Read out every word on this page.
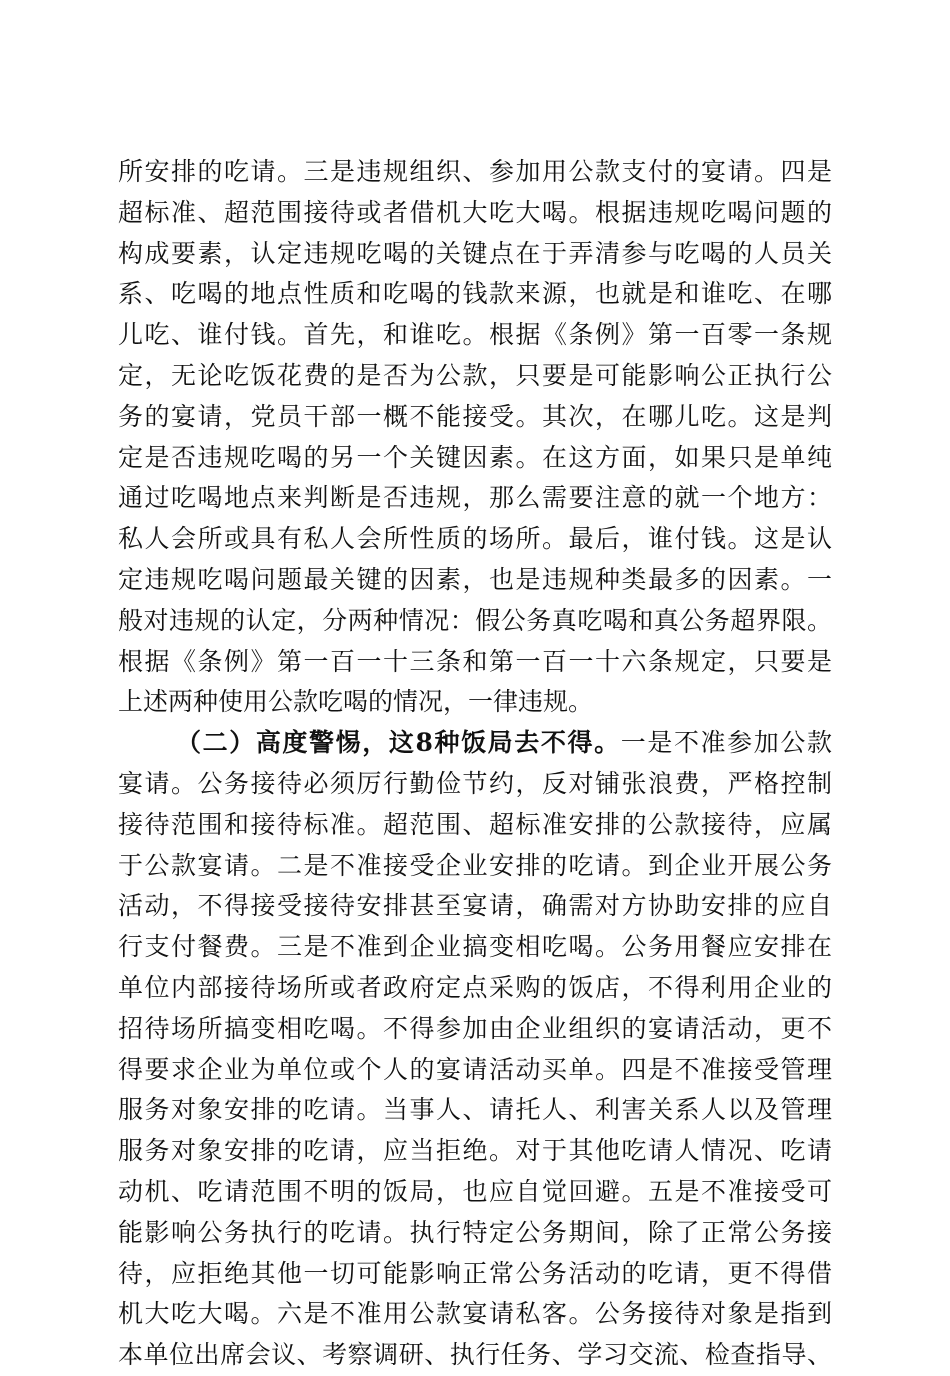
所安排的吃请。三是违规组织、参加用公款支付的宴请。四是
超标准、超范围接待或者借机大吃大喝。根据违规吃喝问题的
构成要素，认定违规吃喝的关键点在于弄清参与吃喝的人员关
系、吃喝的地点性质和吃喝的钱款来源，也就是和谁吃、在哪
儿吃、谁付钱。首先，和谁吃。根据《条例》第一百零一条规
定，无论吃饭花费的是否为公款，只要是可能影响公正执行公
务的宴请，党员干部一概不能接受。其次，在哪儿吃。这是判
定是否违规吃喝的另一个关键因素。在这方面，如果只是单纯
通过吃喝地点来判断是否违规，那么需要注意的就一个地方：
私人会所或具有私人会所性质的场所。最后，谁付钱。这是认
定违规吃喝问题最关键的因素，也是违规种类最多的因素。一
般对违规的认定，分两种情况：假公务真吃喝和真公务超界限。
根据《条例》第一百一十三条和第一百一十六条规定，只要是
上述两种使用公款吃喝的情况，一律违规。
（二）高度警惕，这8种饭局去不得。一是不准参加公款
宴请。公务接待必须厉行勤俭节约，反对铺张浪费，严格控制
接待范围和接待标准。超范围、超标准安排的公款接待，应属
于公款宴请。二是不准接受企业安排的吃请。到企业开展公务
活动，不得接受接待安排甚至宴请，确需对方协助安排的应自
行支付餐费。三是不准到企业搞变相吃喝。公务用餐应安排在
单位内部接待场所或者政府定点采购的饭店，不得利用企业的
招待场所搞变相吃喝。不得参加由企业组织的宴请活动，更不
得要求企业为单位或个人的宴请活动买单。四是不准接受管理
服务对象安排的吃请。当事人、请托人、利害关系人以及管理
服务对象安排的吃请，应当拒绝。对于其他吃请人情况、吃请
动机、吃请范围不明的饭局，也应自觉回避。五是不准接受可
能影响公务执行的吃请。执行特定公务期间，除了正常公务接
待，应拒绝其他一切可能影响正常公务活动的吃请，更不得借
机大吃大喝。六是不准用公款宴请私客。公务接待对象是指到
本单位出席会议、考察调研、执行任务、学习交流、检查指导、
